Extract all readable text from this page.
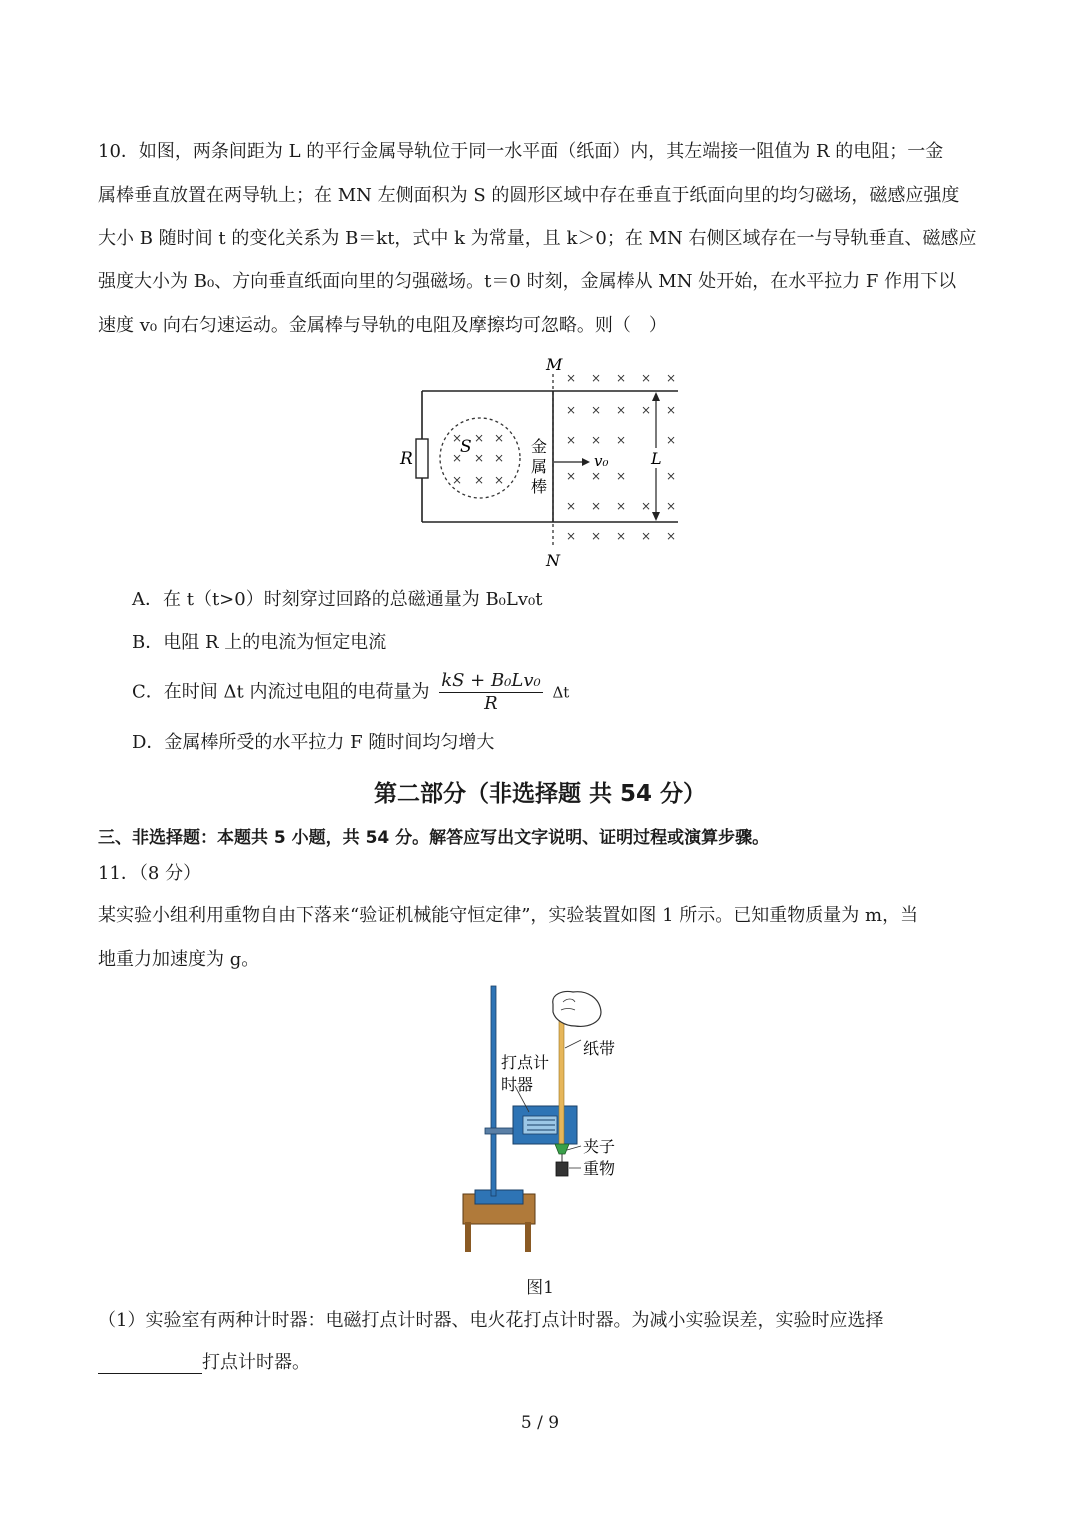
10．如图，两条间距为 L 的平行金属导轨位于同一水平面（纸面）内，其左端接一阻值为 R 的电阻；一金
属棒垂直放置在两导轨上；在 MN 左侧面积为 S 的圆形区域中存在垂直于纸面向里的均匀磁场，磁感应强度
大小 B 随时间 t 的变化关系为 B＝kt，式中 k 为常量，且 k＞0；在 MN 右侧区域存在一与导轨垂直、磁感应
强度大小为 B₀、方向垂直纸面向里的匀强磁场。t＝0 时刻，金属棒从 MN 处开始，在水平拉力 F 作用下以
速度 v₀ 向右匀速运动。金属棒与导轨的电阻及摩擦均可忽略。则（　）
R
S
× × ×
× × ×
× × ×
M
N
金
属
棒
v₀
× × × × ×
× × × × ×
× × ×	×
× × ×	×
× × × × ×
× × × × ×
L
A．在 t（t>0）时刻穿过回路的总磁通量为 B₀Lv₀t
B．电阻 R 上的电流为恒定电流
C．在时间 Δt 内流过电阻的电荷量为 $\frac{\text{kS + B₀Lv₀}}{R}$ Δt
D．金属棒所受的水平拉力 F 随时间均匀增大
第二部分（非选择题 共 54 分）
三、非选择题：本题共 5 小题，共 54 分。解答应写出文字说明、证明过程或演算步骤。
11．（8 分）
某实验小组利用重物自由下落来“验证机械能守恒定律”，实验装置如图 1 所示。已知重物质量为 m，当
地重力加速度为 g。
打点计
时器
纸带
夹子
重物
图1
（1）实验室有两种计时器：电磁打点计时器、电火花打点计时器。为减小实验误差，实验时应选择
打点计时器。
5 / 9
